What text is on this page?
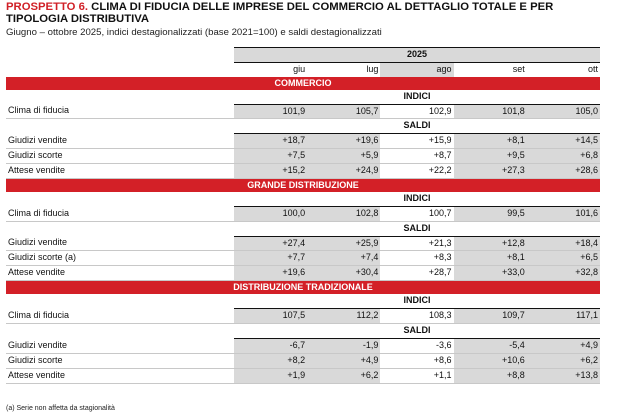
PROSPETTO 6. CLIMA DI FIDUCIA DELLE IMPRESE DEL COMMERCIO AL DETTAGLIO TOTALE E PER TIPOLOGIA DISTRIBUTIVA
Giugno – ottobre 2025, indici destagionalizzati (base 2021=100) e saldi destagionalizzati
	2025				
	giu	lug	ago	set	ott
COMMERCIO					
	INDICI				
Clima di fiducia	101,9	105,7	102,9	101,8	105,0
	SALDI				
Giudizi vendite	+18,7	+19,6	+15,9	+8,1	+14,5
Giudizi scorte	+7,5	+5,9	+8,7	+9,5	+6,8
Attese vendite	+15,2	+24,9	+22,2	+27,3	+28,6
GRANDE DISTRIBUZIONE					
	INDICI				
Clima di fiducia	100,0	102,8	100,7	99,5	101,6
	SALDI				
Giudizi vendite	+27,4	+25,9	+21,3	+12,8	+18,4
Giudizi scorte (a)	+7,7	+7,4	+8,3	+8,1	+6,5
Attese vendite	+19,6	+30,4	+28,7	+33,0	+32,8
DISTRIBUZIONE TRADIZIONALE					
	INDICI				
Clima di fiducia	107,5	112,2	108,3	109,7	117,1
	SALDI				
Giudizi vendite	-6,7	-1,9	-3,6	-5,4	+4,9
Giudizi scorte	+8,2	+4,9	+8,6	+10,6	+6,2
Attese vendite	+1,9	+6,2	+1,1	+8,8	+13,8
(a) Serie non affetta da stagionalità
